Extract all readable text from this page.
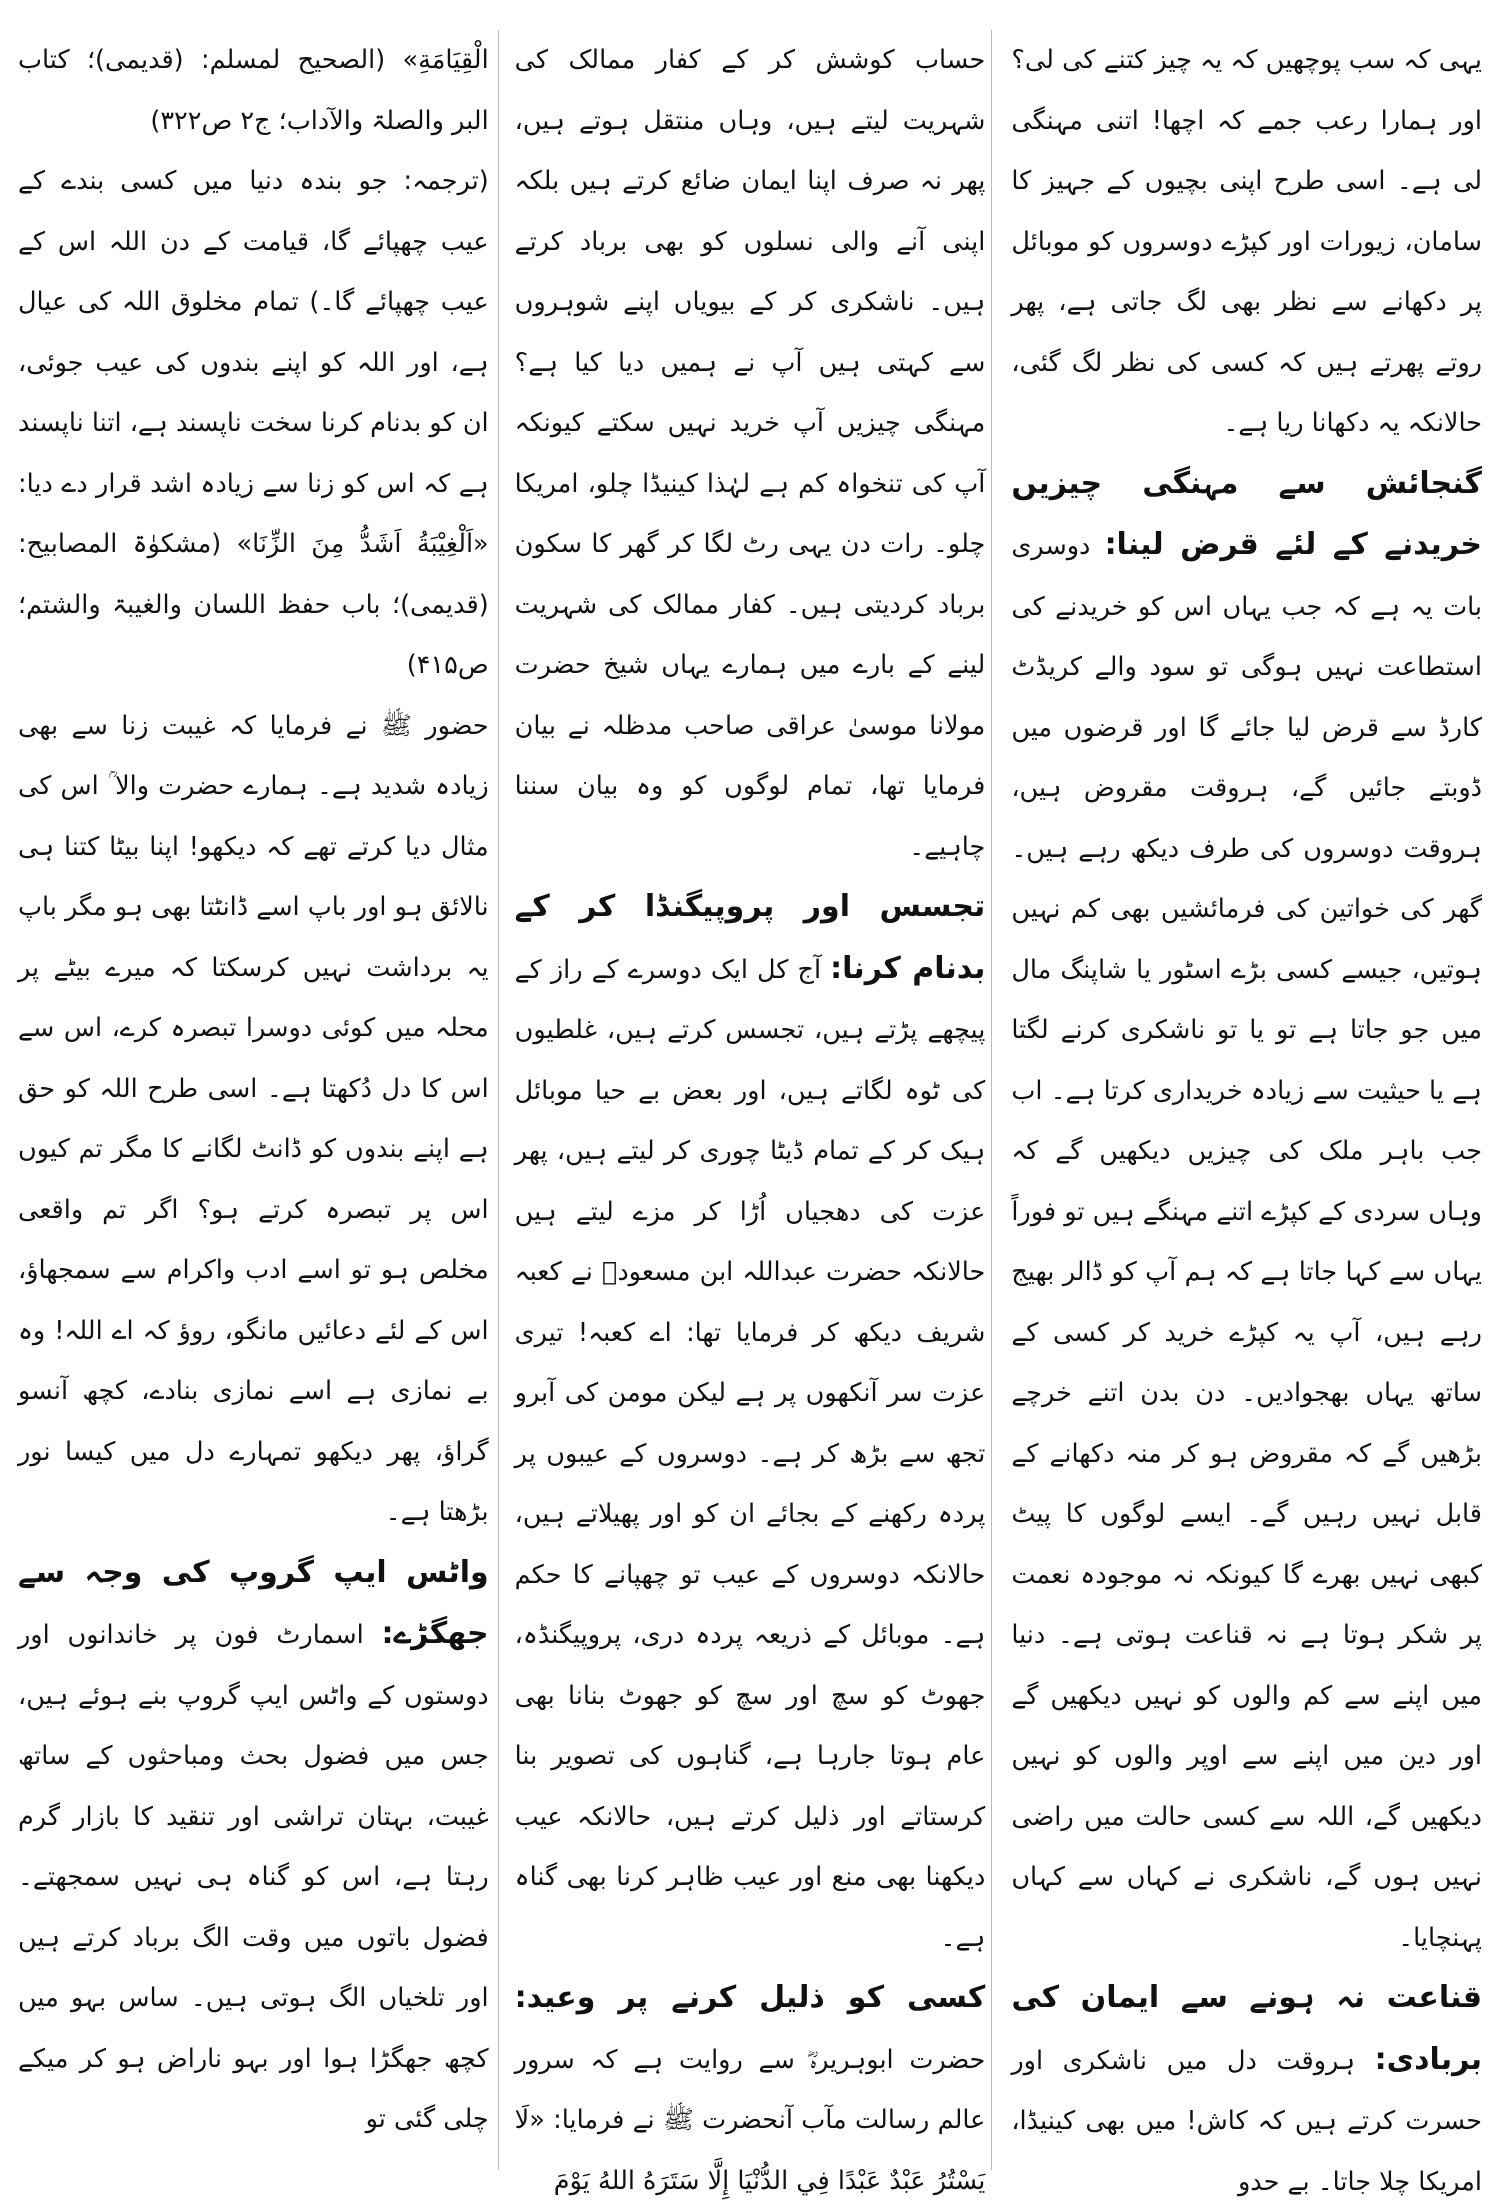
یہی کہ سب پوچھیں کہ یہ چیز کتنے کی لی؟ اور ہمارا رعب جمے کہ اچھا! اتنی مہنگی لی ہے۔ اسی طرح اپنی بچیوں کے جہیز کا سامان، زیورات اور کپڑے دوسروں کو موبائل پر دکھانے سے نظر بھی لگ جاتی ہے، پھر روتے پھرتے ہیں کہ کسی کی نظر لگ گئی، حالانکہ یہ دکھانا ریا ہے۔

گنجائش سے مہنگی چیزیں خریدنے کے لئے قرض لینا: دوسری بات یہ ہے کہ جب یہاں اس کو خریدنے کی استطاعت نہیں ہوگی تو سود والے کریڈٹ کارڈ سے قرض لیا جائے گا اور قرضوں میں ڈوبتے جائیں گے، ہروقت مقروض ہیں، ہروقت دوسروں کی طرف دیکھ رہے ہیں۔ گھر کی خواتین کی فرمائشیں بھی کم نہیں ہوتیں، جیسے کسی بڑے اسٹور یا شاپنگ مال میں جو جاتا ہے تو یا تو ناشکری کرنے لگتا ہے یا حیثیت سے زیادہ خریداری کرتا ہے۔ اب جب باہر ملک کی چیزیں دیکھیں گے کہ وہاں سردی کے کپڑے اتنے مہنگے ہیں تو فوراً یہاں سے کہا جاتا ہے کہ ہم آپ کو ڈالر بھیج رہے ہیں، آپ یہ کپڑے خرید کر کسی کے ساتھ یہاں بھجوادیں۔ دن بدن اتنے خرچے بڑھیں گے کہ مقروض ہو کر منہ دکھانے کے قابل نہیں رہیں گے۔ ایسے لوگوں کا پیٹ کبھی نہیں بھرے گا کیونکہ نہ موجودہ نعمت پر شکر ہوتا ہے نہ قناعت ہوتی ہے۔ دنیا میں اپنے سے کم والوں کو نہیں دیکھیں گے اور دین میں اپنے سے اوپر والوں کو نہیں دیکھیں گے، اللہ سے کسی حالت میں راضی نہیں ہوں گے، ناشکری نے کہاں سے کہاں پہنچایا۔

قناعت نہ ہونے سے ایمان کی بربادی: ہروقت دل میں ناشکری اور حسرت کرتے ہیں کہ کاش! میں بھی کینیڈا، امریکا چلا جاتا۔ بے حدو

حساب کوشش کر کے کفار ممالک کی شہریت لیتے ہیں، وہاں منتقل ہوتے ہیں، پھر نہ صرف اپنا ایمان ضائع کرتے ہیں بلکہ اپنی آنے والی نسلوں کو بھی برباد کرتے ہیں۔ ناشکری کر کے بیویاں اپنے شوہروں سے کہتی ہیں آپ نے ہمیں دیا کیا ہے؟ مہنگی چیزیں آپ خرید نہیں سکتے کیونکہ آپ کی تنخواہ کم ہے لہٰذا کینیڈا چلو، امریکا چلو۔ رات دن یہی رٹ لگا کر گھر کا سکون برباد کردیتی ہیں۔ کفار ممالک کی شہریت لینے کے بارے میں ہمارے یہاں شیخ حضرت مولانا موسیٰ عراقی صاحب مدظلہ نے بیان فرمایا تھا، تمام لوگوں کو وہ بیان سننا چاہیے۔

تجسس اور پروپیگنڈا کر کے بدنام کرنا: آج کل ایک دوسرے کے راز کے پیچھے پڑتے ہیں، تجسس کرتے ہیں، غلطیوں کی ٹوہ لگاتے ہیں، اور بعض بے حیا موبائل ہیک کر کے تمام ڈیٹا چوری کر لیتے ہیں، پھر عزت کی دھجیاں اُڑا کر مزے لیتے ہیں حالانکہ حضرت عبداللہ ابن مسعودؓ نے کعبہ شریف دیکھ کر فرمایا تھا: اے کعبہ! تیری عزت سر آنکھوں پر ہے لیکن مومن کی آبرو تجھ سے بڑھ کر ہے۔ دوسروں کے عیبوں پر پردہ رکھنے کے بجائے ان کو اور پھیلاتے ہیں، حالانکہ دوسروں کے عیب تو چھپانے کا حکم ہے۔ موبائل کے ذریعہ پردہ دری، پروپیگنڈہ، جھوٹ کو سچ اور سچ کو جھوٹ بنانا بھی عام ہوتا جارہا ہے، گناہوں کی تصویر بنا کرستاتے اور ذلیل کرتے ہیں، حالانکہ عیب دیکھنا بھی منع اور عیب ظاہر کرنا بھی گناہ ہے۔

کسی کو ذلیل کرنے پر وعید: حضرت ابوہریرہؓ سے روایت ہے کہ سرور عالم رسالت مآب آنحضرت ﷺ نے فرمایا: «لَا يَسْتُرُ عَبْدٌ عَبْدًا فِي الدُّنْيَا إِلَّا سَتَرَهُ اللهُ يَوْمَ

الْقِيَامَةِ» (الصحیح لمسلم: (قدیمی)؛ کتاب البر والصلۃ والآداب؛ ج۲ ص۳۲۲)

(ترجمہ: جو بندہ دنیا میں کسی بندے کے عیب چھپائے گا، قیامت کے دن اللہ اس کے عیب چھپائے گا۔) تمام مخلوق اللہ کی عیال ہے، اور اللہ کو اپنے بندوں کی عیب جوئی، ان کو بدنام کرنا سخت ناپسند ہے، اتنا ناپسند ہے کہ اس کو زنا سے زیادہ اشد قرار دے دیا: «اَلْغِيْبَةُ اَشَدُّ مِنَ الزِّنَا» (مشکوٰۃ المصابیح: (قدیمی)؛ باب حفظ اللسان والغیبۃ والشتم؛ ص۴۱۵)

حضور ﷺ نے فرمایا کہ غیبت زنا سے بھی زیادہ شدید ہے۔ ہمارے حضرت والا ؒ اس کی مثال دیا کرتے تھے کہ دیکھو! اپنا بیٹا کتنا ہی نالائق ہو اور باپ اسے ڈانٹتا بھی ہو مگر باپ یہ برداشت نہیں کرسکتا کہ میرے بیٹے پر محلہ میں کوئی دوسرا تبصرہ کرے، اس سے اس کا دل دُکھتا ہے۔ اسی طرح اللہ کو حق ہے اپنے بندوں کو ڈانٹ لگانے کا مگر تم کیوں اس پر تبصرہ کرتے ہو؟ اگر تم واقعی مخلص ہو تو اسے ادب واکرام سے سمجھاؤ، اس کے لئے دعائیں مانگو، روؤ کہ اے اللہ! وہ بے نمازی ہے اسے نمازی بنادے، کچھ آنسو گراؤ، پھر دیکھو تمہارے دل میں کیسا نور بڑھتا ہے۔

واٹس ایپ گروپ کی وجہ سے جھگڑے: اسمارٹ فون پر خاندانوں اور دوستوں کے واٹس ایپ گروپ بنے ہوئے ہیں، جس میں فضول بحث ومباحثوں کے ساتھ غیبت، بہتان تراشی اور تنقید کا بازار گرم رہتا ہے، اس کو گناہ ہی نہیں سمجھتے۔ فضول باتوں میں وقت الگ برباد کرتے ہیں اور تلخیاں الگ ہوتی ہیں۔ ساس بہو میں کچھ جھگڑا ہوا اور بہو ناراض ہو کر میکے چلی گئی تو
